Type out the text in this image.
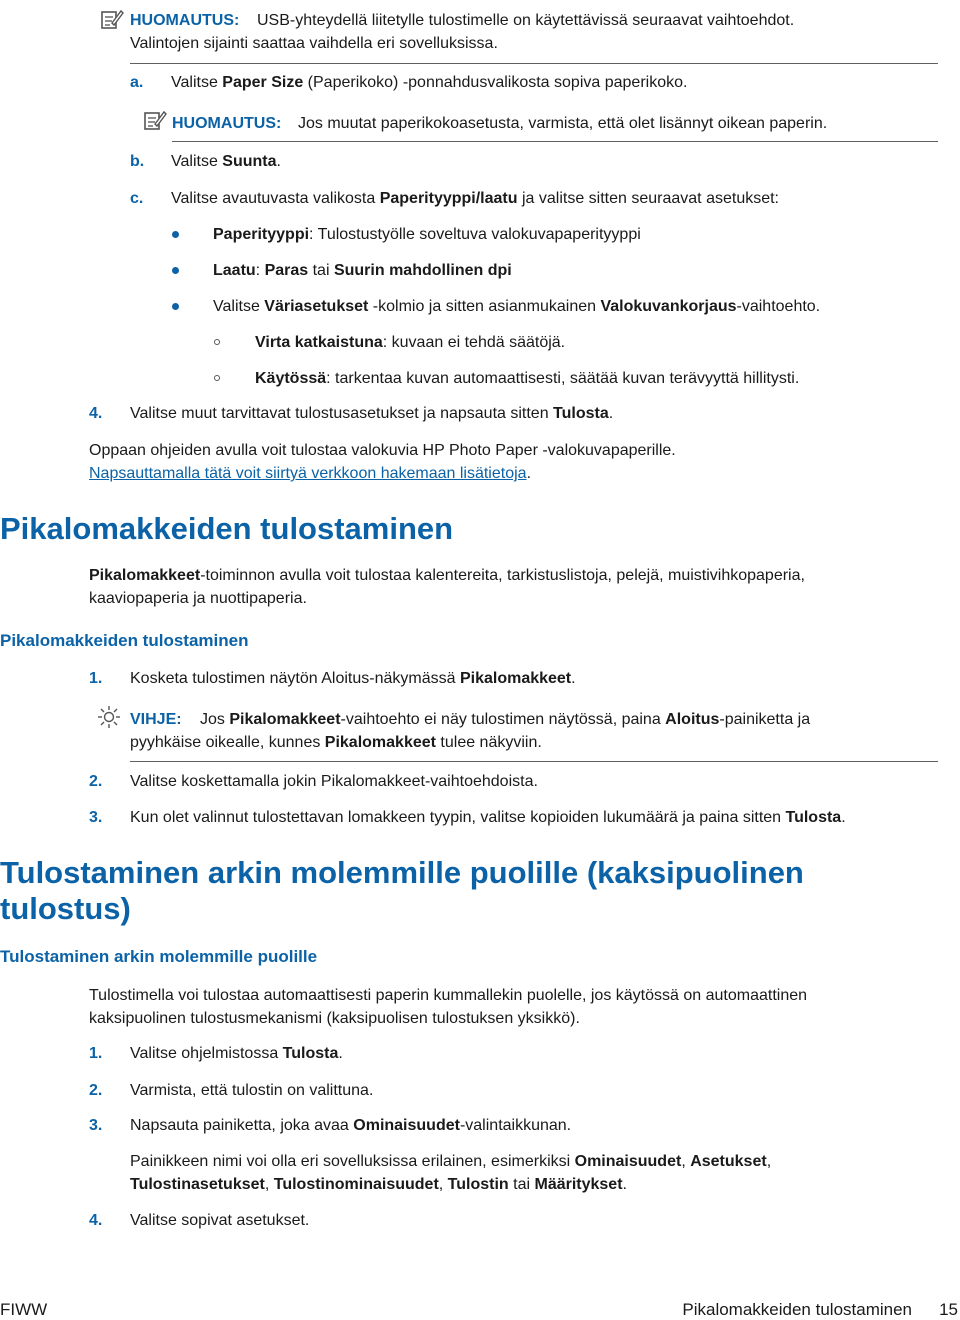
HUOMAUTUS: USB-yhteydellä liitetylle tulostimelle on käytettävissä seuraavat vaihtoehdot.
Valintojen sijainti saattaa vaihdella eri sovelluksissa.
a. Valitse Paper Size (Paperikoko) -ponnahdusvalikosta sopiva paperikoko.
HUOMAUTUS: Jos muutat paperikokoasetusta, varmista, että olet lisännyt oikean paperin.
b. Valitse Suunta.
c. Valitse avautuvasta valikosta Paperityyppi/laatu ja valitse sitten seuraavat asetukset:
Paperityyppi: Tulostustyölle soveltuva valokuvapaperityyppi
Laatu: Paras tai Suurin mahdollinen dpi
Valitse Väriasetukset -kolmio ja sitten asianmukainen Valokuvankorjaus-vaihtoehto.
Virta katkaistuna: kuvaan ei tehdä säätöjä.
Käytössä: tarkentaa kuvan automaattisesti, säätää kuvan terävyyttä hillitysti.
4. Valitse muut tarvittavat tulostusasetukset ja napsauta sitten Tulosta.
Oppaan ohjeiden avulla voit tulostaa valokuvia HP Photo Paper -valokuvapaperille.
Napsauttamalla tätä voit siirtyä verkkoon hakemaan lisätietoja.
Pikalomakkeiden tulostaminen
Pikalomakkeet-toiminnon avulla voit tulostaa kalentereita, tarkistuslistoja, pelejä, muistivihkopaperia,
kaaviopaperia ja nuottipaperia.
Pikalomakkeiden tulostaminen
1. Kosketa tulostimen näytön Aloitus-näkymässä Pikalomakkeet.
VIHJE: Jos Pikalomakkeet-vaihtoehto ei näy tulostimen näytössä, paina Aloitus-painiketta ja
pyyhkäise oikealle, kunnes Pikalomakkeet tulee näkyviin.
2. Valitse koskettamalla jokin Pikalomakkeet-vaihtoehdoista.
3. Kun olet valinnut tulostettavan lomakkeen tyypin, valitse kopioiden lukumäärä ja paina sitten Tulosta.
Tulostaminen arkin molemmille puolille (kaksipuolinen
tulostus)
Tulostaminen arkin molemmille puolille
Tulostimella voi tulostaa automaattisesti paperin kummallekin puolelle, jos käytössä on automaattinen
kaksipuolinen tulostusmekanismi (kaksipuolisen tulostuksen yksikkö).
1. Valitse ohjelmistossa Tulosta.
2. Varmista, että tulostin on valittuna.
3. Napsauta painiketta, joka avaa Ominaisuudet-valintaikkunan.
Painikkeen nimi voi olla eri sovelluksissa erilainen, esimerkiksi Ominaisuudet, Asetukset,
Tulostinasetukset, Tulostinominaisuudet, Tulostin tai Määritykset.
4. Valitse sopivat asetukset.
FIWW	Pikalomakkeiden tulostaminen 15
